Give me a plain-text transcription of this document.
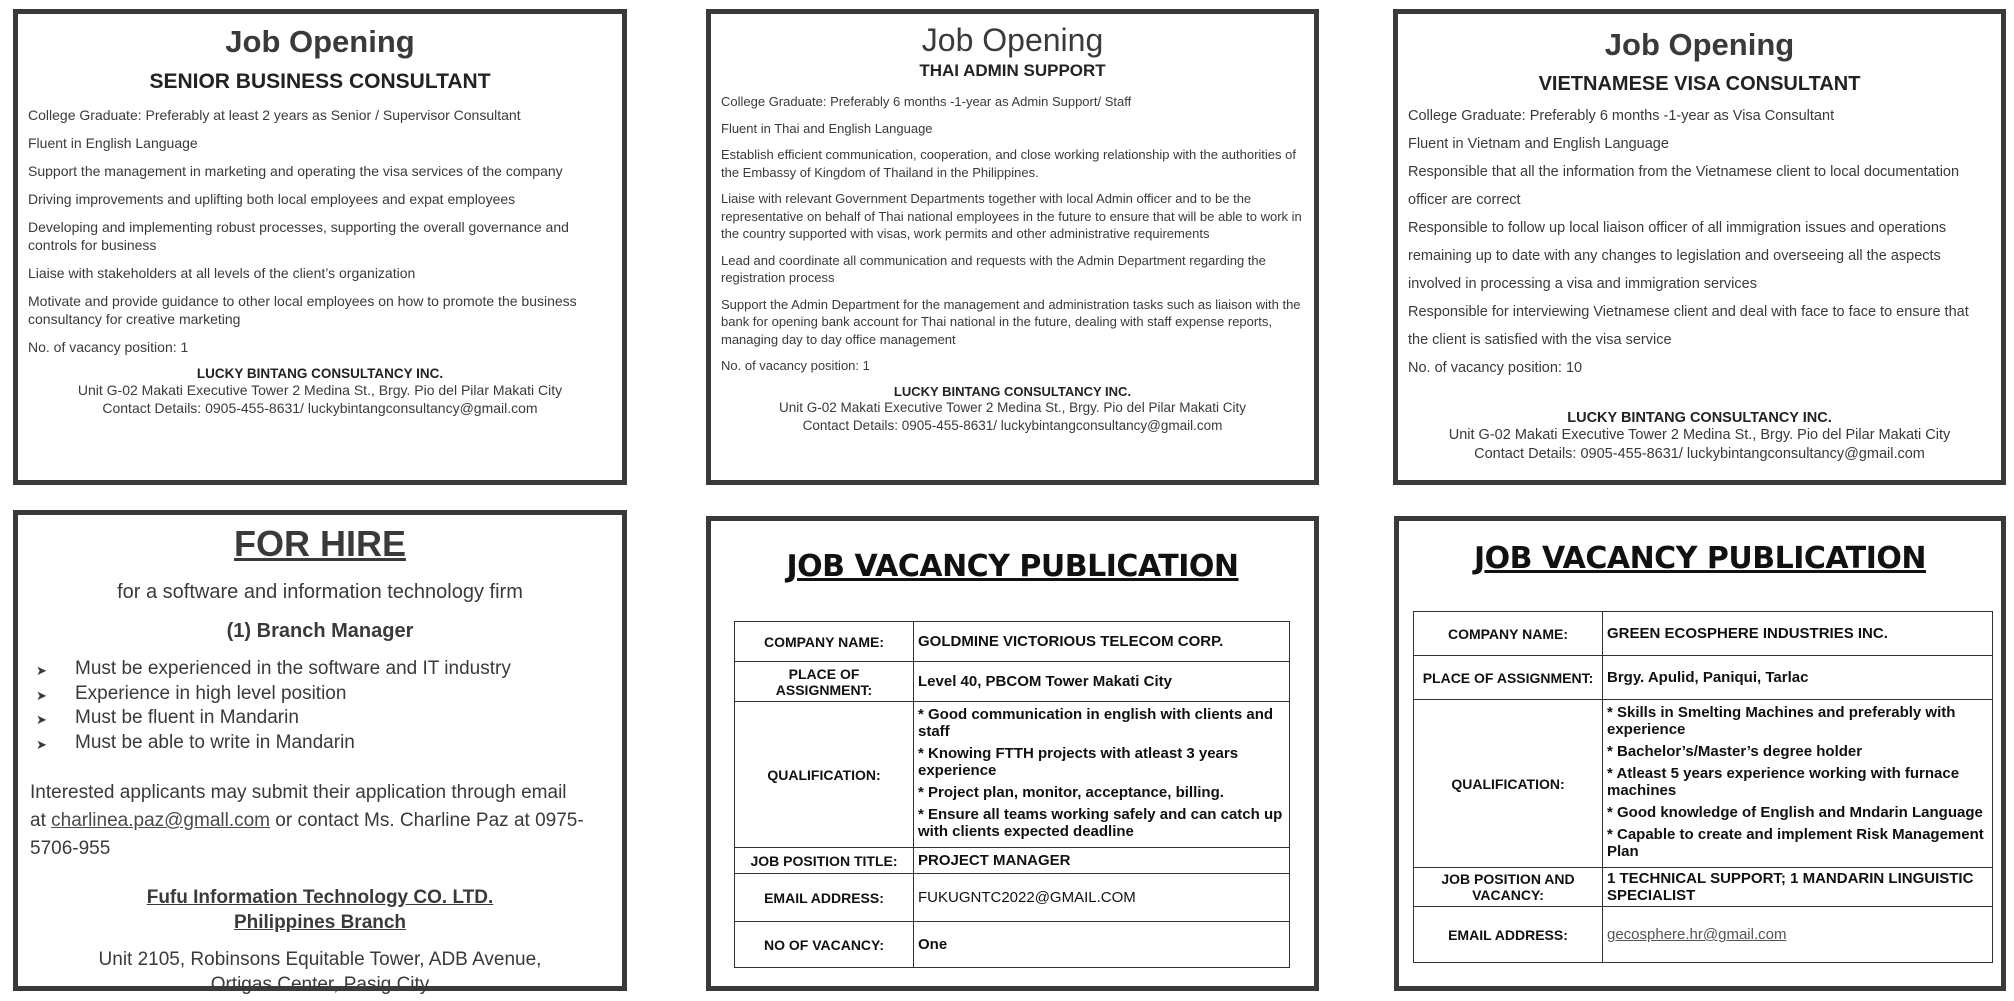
Job Opening
SENIOR BUSINESS CONSULTANT

College Graduate: Preferably at least 2 years as Senior / Supervisor Consultant

Fluent in English Language

Support the management in marketing and operating the visa services of the company

Driving improvements and uplifting both local employees and expat employees

Developing and implementing robust processes, supporting the overall governance and controls for business

Liaise with stakeholders at all levels of the client’s organization

Motivate and provide guidance to other local employees on how to promote the business consultancy for creative marketing

No. of vacancy position: 1

LUCKY BINTANG CONSULTANCY INC.
Unit G-02 Makati Executive Tower 2 Medina St., Brgy. Pio del Pilar Makati City
Contact Details: 0905-455-8631/ luckybintangconsultancy@gmail.com
Job Opening
THAI ADMIN SUPPORT

College Graduate: Preferably 6 months -1-year as Admin Support/ Staff

Fluent in Thai and English Language

Establish efficient communication, cooperation, and close working relationship with the authorities of the Embassy of Kingdom of Thailand in the Philippines.

Liaise with relevant Government Departments together with local Admin officer and to be the representative on behalf of Thai national employees in the future to ensure that will be able to work in the country supported with visas, work permits and other administrative requirements

Lead and coordinate all communication and requests with the Admin Department regarding the registration process

Support the Admin Department for the management and administration tasks such as liaison with the bank for opening bank account for Thai national in the future, dealing with staff expense reports, managing day to day office management

No. of vacancy position: 1

LUCKY BINTANG CONSULTANCY INC.
Unit G-02 Makati Executive Tower 2 Medina St., Brgy. Pio del Pilar Makati City
Contact Details: 0905-455-8631/ luckybintangconsultancy@gmail.com
Job Opening
VIETNAMESE VISA CONSULTANT

College Graduate: Preferably 6 months -1-year as Visa Consultant

Fluent in Vietnam and English Language

Responsible that all the information from the Vietnamese client to local documentation officer are correct

Responsible to follow up local liaison officer of all immigration issues and operations remaining up to date with any changes to legislation and overseeing all the aspects involved in processing a visa and immigration services

Responsible for interviewing Vietnamese client and deal with face to face to ensure that the client is satisfied with the visa service

No. of vacancy position: 10

LUCKY BINTANG CONSULTANCY INC.
Unit G-02 Makati Executive Tower 2 Medina St., Brgy. Pio del Pilar Makati City
Contact Details: 0905-455-8631/ luckybintangconsultancy@gmail.com
FOR HIRE
for a software and information technology firm
(1) Branch Manager
➤ Must be experienced in the software and IT industry
➤ Experience in high level position
➤ Must be fluent in Mandarin
➤ Must be able to write in Mandarin
Interested applicants may submit their application through email
at charlinea.paz@gmall.com or contact Ms. Charline Paz at 0975-5706-955
Fufu Information Technology CO. LTD.
Philippines Branch
Unit 2105, Robinsons Equitable Tower, ADB Avenue,
Ortigas Center, Pasig City
JOB VACANCY PUBLICATION
COMPANY NAME:	GOLDMINE VICTORIOUS TELECOM CORP.
PLACE OF ASSIGNMENT:	Level 40, PBCOM Tower Makati City
QUALIFICATION:	* Good communication in english with clients and staff
* Knowing FTTH projects with atleast 3 years experience
* Project plan, monitor, acceptance, billing.
* Ensure all teams working safely and can catch up with clients expected deadline

JOB POSITION TITLE:	PROJECT MANAGER
EMAIL ADDRESS:	FUKUGNTC2022@GMAIL.COM
NO OF VACANCY:	One
JOB VACANCY PUBLICATION
COMPANY NAME:	GREEN ECOSPHERE INDUSTRIES INC.
PLACE OF ASSIGNMENT:	Brgy. Apulid, Paniqui, Tarlac
QUALIFICATION:	* Skills in Smelting Machines and preferably with experience
* Bachelor’s/Master’s degree holder
* Atleast 5 years experience working with furnace machines
* Good knowledge of English and Mndarin Language
* Capable to create and implement Risk Management Plan

JOB POSITION AND VACANCY:	1 TECHNICAL SUPPORT; 1 MANDARIN LINGUISTIC SPECIALIST
EMAIL ADDRESS:	gecosphere.hr@gmail.com
